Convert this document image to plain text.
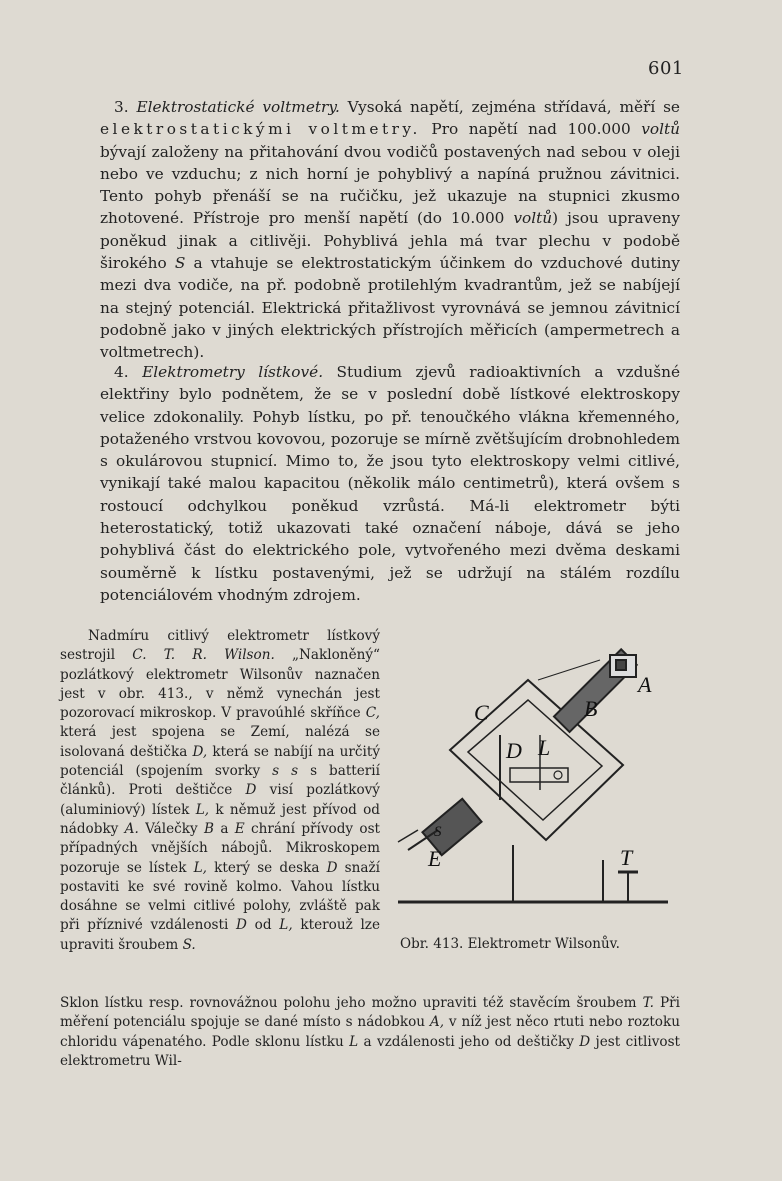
601

3. Elektrostatické voltmetry. Vysoká napětí, zejména střídavá, měří se elektrostatickými voltmetry. Pro napětí nad 100.000 voltů bývají založeny na přitahování dvou vodičů postavených nad sebou v oleji nebo ve vzduchu; z nich horní je pohyblivý a napíná pružnou závitnici. Tento pohyb přenáší se na ručičku, jež ukazuje na stupnici zkusmo zhotovené. Přístroje pro menší napětí (do 10.000 voltů) jsou upraveny poněkud jinak a citlivěji. Pohyblivá jehla má tvar plechu v podobě širokého S a vtahuje se elektrostatickým účinkem do vzduchové dutiny mezi dva vodiče, na př. podobně protilehlým kvadrantům, jež se nabíjejí na stejný potenciál. Elektrická přitažlivost vyrovnává se jemnou závitnicí podobně jako v jiných elektrických přístrojích měřicích (ampermetrech a voltmetrech).

4. Elektrometry lístkové. Studium zjevů radioaktivních a vzdušné elektřiny bylo podnětem, že se v poslední době lístkové elektroskopy velice zdokonalily. Pohyb lístku, po př. tenoučkého vlákna křemenného, potaženého vrstvou kovovou, pozoruje se mírně zvětšujícím drobnohledem s okulárovou stupnicí. Mimo to, že jsou tyto elektroskopy velmi citlivé, vynikají také malou kapacitou (několik málo centimetrů), která ovšem s rostoucí odchylkou poněkud vzrůstá. Má-li elektrometr býti heterostatický, totiž ukazovati také označení náboje, dává se jeho pohyblivá část do elektrického pole, vytvořeného mezi dvěma deskami souměrně k lístku postavenými, jež se udržují na stálém rozdílu potenciálovém vhodným zdrojem.

Nadmíru citlivý elektrometr lístkový sestrojil C. T. R. Wilson. „Nakloněný“ pozlátkový elektrometr Wilsonův naznačen jest v obr. 413., v němž vynechán jest pozorovací mikroskop. V pravoúhlé skříňce C, která jest spojena se Zemí, nalézá se isolovaná deštička D, která se nabíjí na určitý potenciál (spojením svorky s s s batterií článků). Proti deštičce D visí pozlátkový (aluminiový) lístek L, k němuž jest přívod od nádobky A. Válečky B a E chrání přívody ost případných vnějších nábojů. Mikroskopem pozoruje se lístek L, který se deska D snaží postaviti ke své rovině kolmo. Vahou lístku dosáhne se velmi citlivé polohy, zvláště pak při příznivé vzdálenosti D od L, kterouž lze upraviti šroubem S.

Sklon lístku resp. rovnovážnou polohu jeho možno upraviti též stavěcím šroubem T. Při měření potenciálu spojuje se dané místo s nádobkou A, v níž jest něco rtuti nebo roztoku chloridu vápenatého. Podle sklonu lístku L a vzdálenosti jeho od deštičky D jest citlivost elektrometru Wil-

A
B
C
D L
E
S
T
Obr. 413. Elektrometr Wilsonův.
